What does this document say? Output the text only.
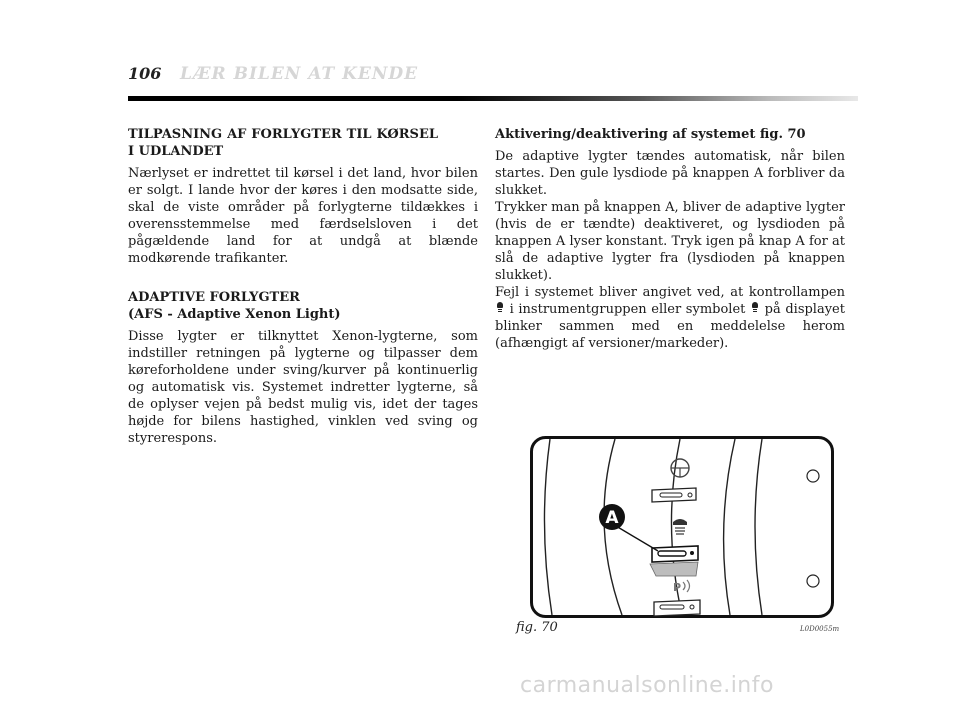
106 LÆR BILEN AT KENDE
TILPASNING AF FORLYGTER TIL KØRSEL I UDLANDET

Nærlyset er indrettet til kørsel i det land, hvor bilen er solgt. I lande hvor der køres i den modsatte side, skal de viste områder på forlygterne tildækkes i overensstemmelse med færdselsloven i det pågældende land for at undgå at blænde modkørende trafikanter.

ADAPTIVE FORLYGTER
(AFS - Adaptive Xenon Light)

Disse lygter er tilknyttet Xenon-lygterne, som indstiller retningen på lygterne og tilpasser dem køreforholdene under sving/kurver på kontinuerlig og automatisk vis. Systemet indretter lygterne, så de oplyser vejen på bedst mulig vis, idet der tages højde for bilens hastighed, vinklen ved sving og styrerespons.

Aktivering/deaktivering af systemet fig. 70

De adaptive lygter tændes automatisk, når bilen startes. Den gule lysdiode på knappen A forbliver da slukket.

Trykker man på knappen A, bliver de adaptive lygter (hvis de er tændte) deaktiveret, og lysdioden på knappen A lyser konstant. Tryk igen på knap A for at slå de adaptive lygter fra (lysdioden på knappen slukket).

Fejl i systemet bliver angivet ved, at kontrollampen  i instrumentgruppen eller symbolet på displayet blinker sammen med en meddelelse herom (afhængigt af versioner/markeder).

A
P
fig. 70	L0D0055m
carmanualsonline.info
